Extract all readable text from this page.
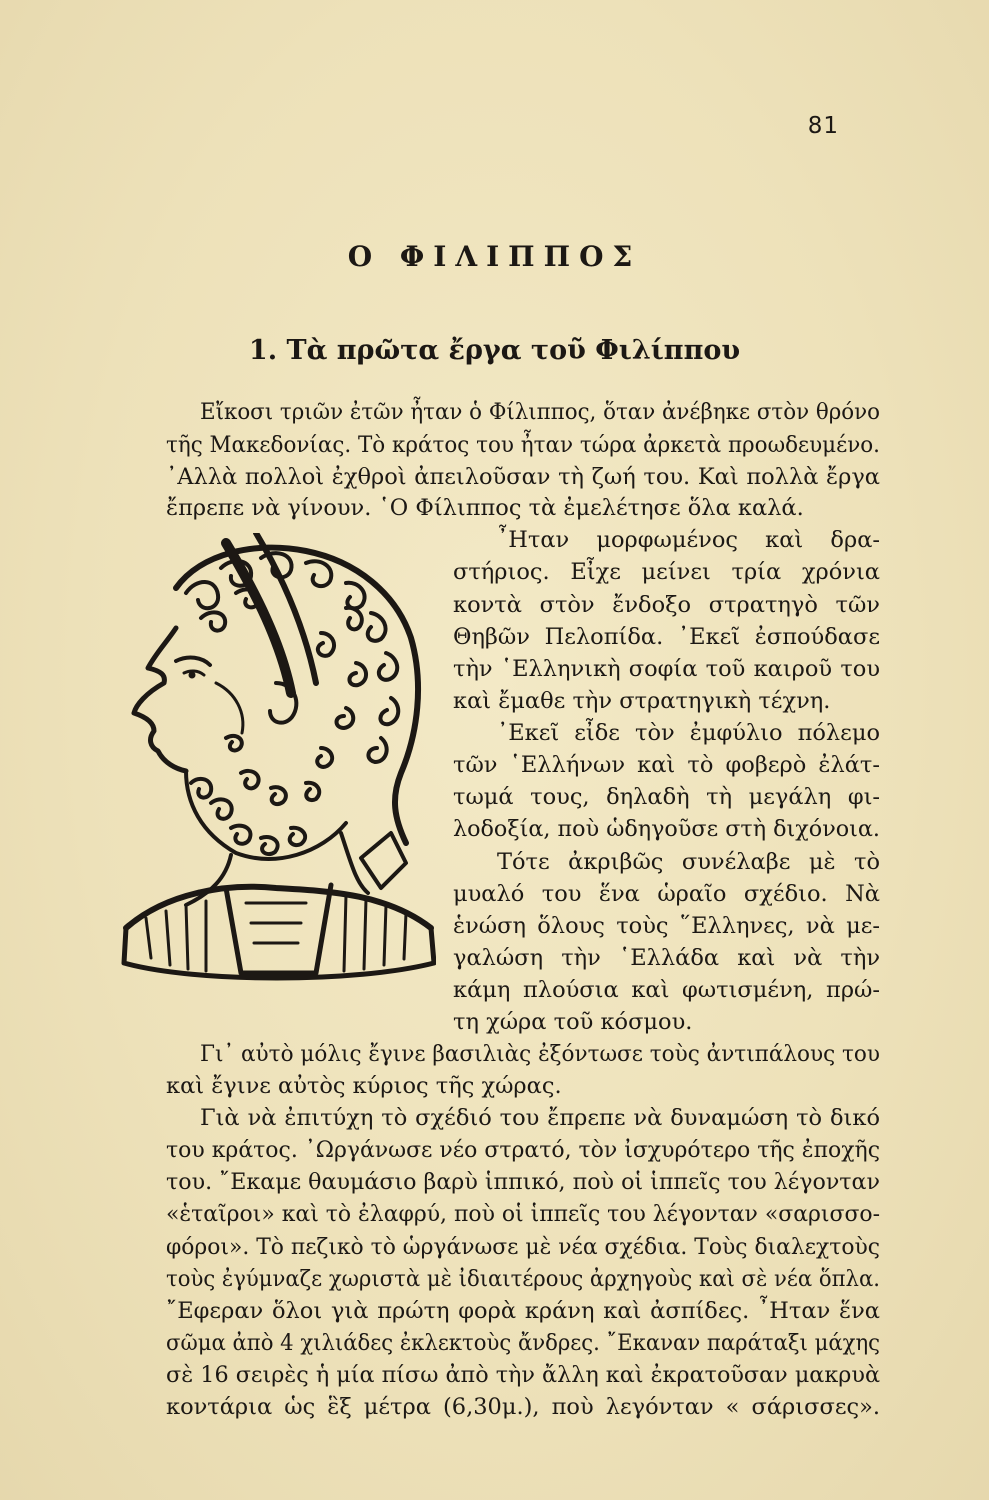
81
Ο ΦΙΛΙΠΠΟΣ
1. Τὰ πρῶτα ἔργα τοῦ Φιλίππου
Εἴκοσι τριῶν ἐτῶν ἦταν ὁ Φίλιππος, ὅταν ἀνέβηκε στὸν θρόνο
τῆς Μακεδονίας. Τὸ κράτος του ἦταν τώρα ἀρκετὰ προωδευμένο.
᾿Αλλὰ πολλοὶ ἐχθροὶ ἀπειλοῦσαν τὴ ζωή του. Καὶ πολλὰ ἔργα
ἔπρεπε νὰ γίνουν. ῾Ο Φίλιππος τὰ ἐμελέτησε ὅλα καλά.
῏Ηταν μορφωμένος καὶ δρα-
στήριος. Εἶχε μείνει τρία χρόνια
κοντὰ στὸν ἔνδοξο στρατηγὸ τῶν
Θηβῶν Πελοπίδα. ᾿Εκεῖ ἐσπούδασε
τὴν ῾Ελληνικὴ σοφία τοῦ καιροῦ του
καὶ ἔμαθε τὴν στρατηγικὴ τέχνη.
᾿Εκεῖ εἶδε τὸν ἐμφύλιο πόλεμο
τῶν ῾Ελλήνων καὶ τὸ φοβερὸ ἐλάτ-
τωμά τους, δηλαδὴ τὴ μεγάλη φι-
λοδοξία, ποὺ ὡδηγοῦσε στὴ διχόνοια.
Τότε ἀκριβῶς συνέλαβε μὲ τὸ
μυαλό του ἕνα ὡραῖο σχέδιο. Νὰ
ἑνώση ὅλους τοὺς ῞Ελληνες, νὰ με-
γαλώση τὴν ῾Ελλάδα καὶ νὰ τὴν
κάμη πλούσια καὶ φωτισμένη, πρώ-
τη χώρα τοῦ κόσμου.
Γι᾿ αὐτὸ μόλις ἔγινε βασιλιὰς ἐξόντωσε τοὺς ἀντιπάλους του
καὶ ἔγινε αὐτὸς κύριος τῆς χώρας.
Γιὰ νὰ ἐπιτύχη τὸ σχέδιό του ἔπρεπε νὰ δυναμώση τὸ δικό
του κράτος. ᾿Ωργάνωσε νέο στρατό, τὸν ἰσχυρότερο τῆς ἐποχῆς
του. ῎Εκαμε θαυμάσιο βαρὺ ἱππικό, ποὺ οἱ ἱππεῖς του λέγονταν
«ἑταῖροι» καὶ τὸ ἐλαφρύ, ποὺ οἱ ἱππεῖς του λέγονταν «σαρισσο-
φόροι». Τὸ πεζικὸ τὸ ὡργάνωσε μὲ νέα σχέδια. Τοὺς διαλεχτοὺς
τοὺς ἐγύμναζε χωριστὰ μὲ ἰδιαιτέρους ἀρχηγοὺς καὶ σὲ νέα ὅπλα.
῎Εφεραν ὅλοι γιὰ πρώτη φορὰ κράνη καὶ ἀσπίδες. ῏Ηταν ἕνα
σῶμα ἀπὸ 4 χιλιάδες ἐκλεκτοὺς ἄνδρες. ῎Εκαναν παράταξι μάχης
σὲ 16 σειρὲς ἡ μία πίσω ἀπὸ τὴν ἄλλη καὶ ἐκρατοῦσαν μακρυὰ
κοντάρια ὡς ἓξ μέτρα (6,30μ.), ποὺ λεγόνταν « σάρισσες».
